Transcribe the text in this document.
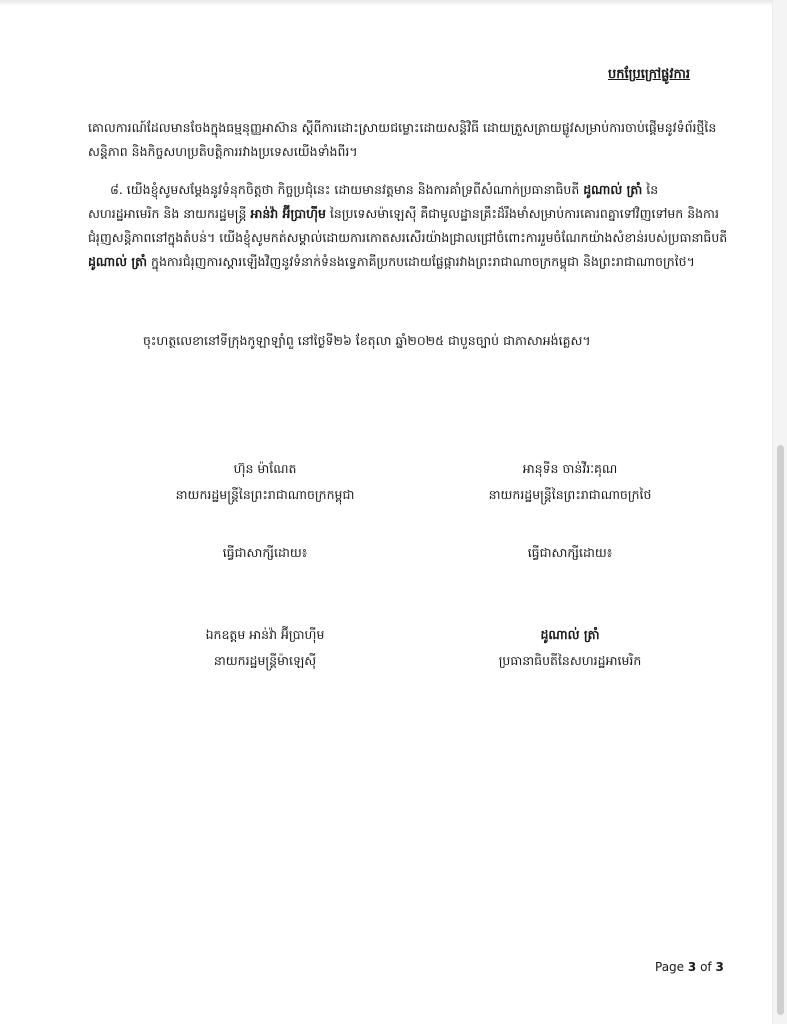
បកប្រែក្រៅផ្លូវការ

គោលការណ៍ដែលមានចែងក្នុងធម្មនុញ្ញអាស៊ាន ស្តីពីការដោះស្រាយជម្លោះដោយសន្តិវិធី ដោយត្រួសត្រាយផ្លូវសម្រាប់ការចាប់ផ្តើមនូវទំព័រថ្មីនៃសន្តិភាព និងកិច្ចសហប្រតិបត្តិការរវាងប្រទេសយើងទាំងពីរ។

៨. យើងខ្ញុំសូមសម្តែងនូវទំនុកចិត្តថា កិច្ចប្រជុំនេះ ដោយមានវត្តមាន និងការគាំទ្រពីសំណាក់ប្រធានាធិបតី ដូណាល់ ត្រាំ នៃសហរដ្ឋអាមេរិក និង នាយករដ្ឋមន្ត្រី អាន់វ៉ា អ៊ីប្រាហ៊ីម នៃប្រទេសម៉ាឡេស៊ី គឺជាមូលដ្ឋានគ្រឹះដ៏រឹងមាំសម្រាប់ការគោរពគ្នាទៅវិញទៅមក និងការជំរុញសន្តិភាពនៅក្នុងតំបន់។ យើងខ្ញុំសូមកត់សម្គាល់ដោយការកោតសរសើរយ៉ាងជ្រាលជ្រៅចំពោះការរួមចំណែកយ៉ាងសំខាន់របស់ប្រធានាធិបតី ដូណាល់ ត្រាំ ក្នុងការជំរុញការស្តារឡើងវិញនូវទំនាក់ទំនងទ្វេភាគីប្រកបដោយផ្លែផ្ការវាងព្រះរាជាណាចក្រកម្ពុជា និងព្រះរាជាណាចក្រថៃ។

ចុះហត្ថលេខានៅទីក្រុងកូឡាឡាំពួ នៅថ្ងៃទី២៦ ខែតុលា ឆ្នាំ២០២៥ ជាបួនច្បាប់ ជាភាសាអង់គ្លេស។

ហ៊ុន ម៉ាណែត
នាយករដ្ឋមន្ត្រីនៃព្រះរាជាណាចក្រកម្ពុជា
អានុទីន ចាន់វីរៈគុណ
នាយករដ្ឋមន្ត្រីនៃព្រះរាជាណាចក្រថៃ
ធ្វើជាសាក្សីដោយ៖	ធ្វើជាសាក្សីដោយ៖
ឯកឧត្តម អាន់វ៉ា អ៊ីប្រាហ៊ីម
នាយករដ្ឋមន្ត្រីម៉ាឡេស៊ី
ដូណាល់ ត្រាំ
ប្រធានាធិបតីនៃសហរដ្ឋអាមេរិក
Page 3 of 3
